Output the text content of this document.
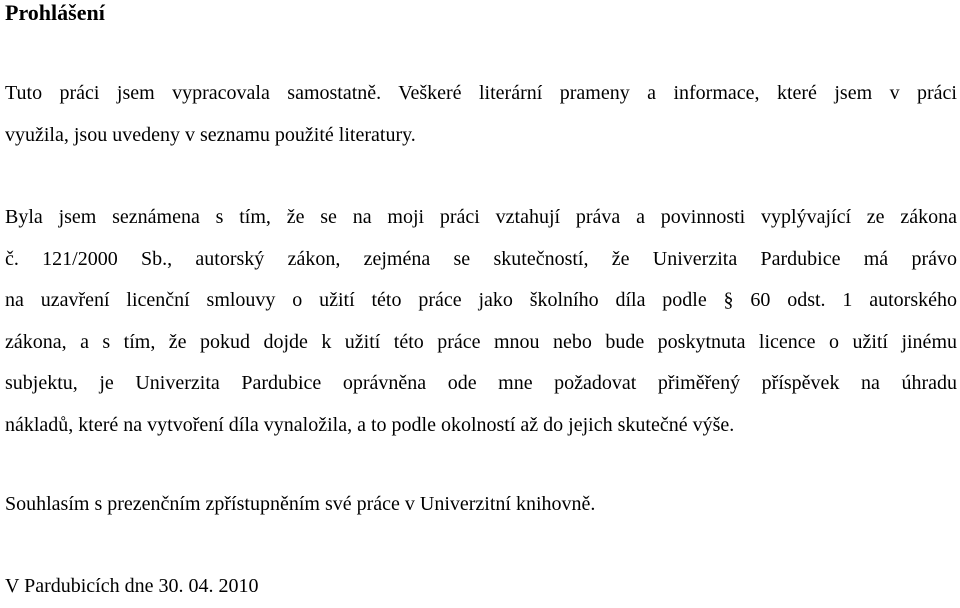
Prohlášení

Tuto práci jsem vypracovala samostatně. Veškeré literární prameny a informace, které jsem v práci
využila, jsou uvedeny v seznamu použité literatury.

Byla jsem seznámena s tím, že se na moji práci vztahují práva a povinnosti vyplývající ze zákona
č. 121/2000 Sb., autorský zákon, zejména se skutečností, že Univerzita Pardubice má právo
na uzavření licenční smlouvy o užití této práce jako školního díla podle § 60 odst. 1 autorského
zákona, a s tím, že pokud dojde k užití této práce mnou nebo bude poskytnuta licence o užití jinému
subjektu, je Univerzita Pardubice oprávněna ode mne požadovat přiměřený příspěvek na úhradu
nákladů, které na vytvoření díla vynaložila, a to podle okolností až do jejich skutečné výše.

Souhlasím s prezenčním zpřístupněním své práce v Univerzitní knihovně.

V Pardubicích dne 30. 04. 2010
